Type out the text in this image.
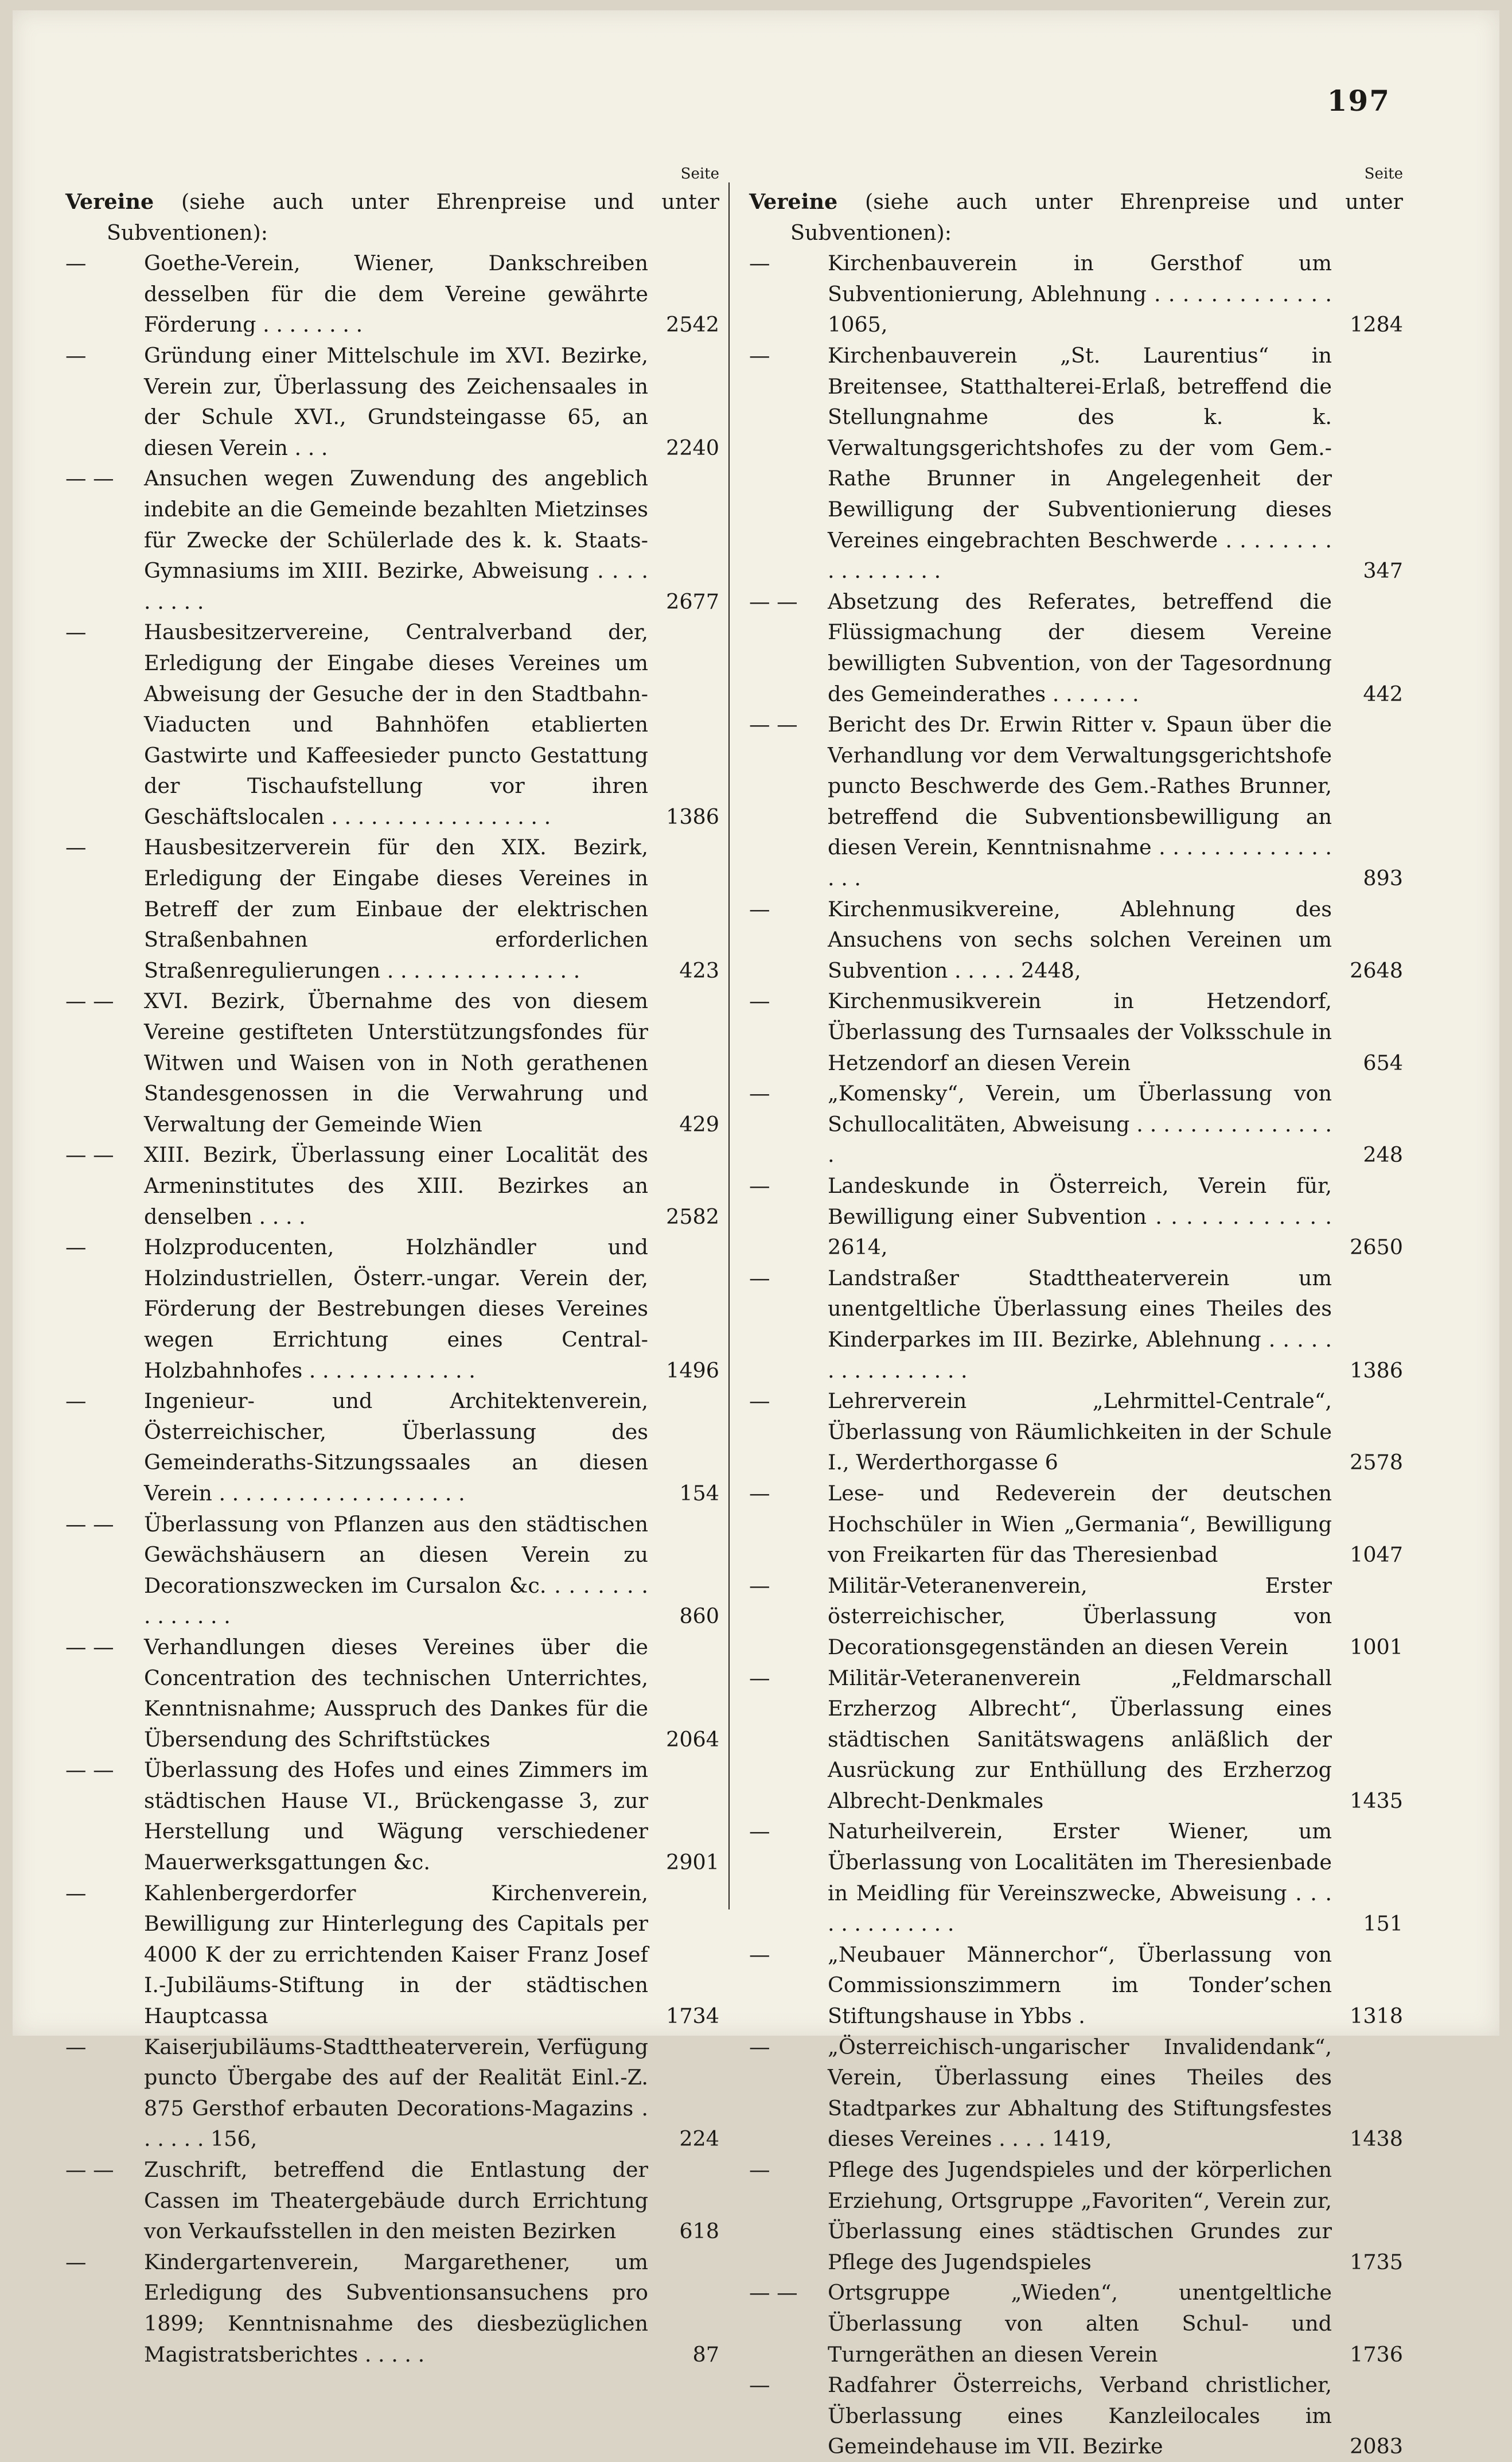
197
Seite
Vereine (siehe auch unter Ehrenpreise und unter Subventionen):
—	Goethe-Verein, Wiener, Dankschreiben desselben für die dem Vereine gewährte Förderung . . . . . . . .	2542
—	Gründung einer Mittelschule im XVI. Bezirke, Verein zur, Überlassung des Zeichensaales in der Schule XVI., Grundsteingasse 65, an diesen Verein . . .	2240
— — Ansuchen wegen Zuwendung des angeblich indebite an die Gemeinde bezahlten Mietzinses für Zwecke der Schülerlade des k. k. Staats-Gymnasiums im XIII. Bezirke, Abweisung . . . . . . . . .	2677
—	Hausbesitzervereine, Centralverband der, Erledigung der Eingabe dieses Vereines um Abweisung der Gesuche der in den Stadtbahn-Viaducten und Bahnhöfen etablierten Gastwirte und Kaffeesieder puncto Gestattung der Tischaufstellung vor ihren Geschäftslocalen . . . . . . . . . . . . . . . . .	1386
—	Hausbesitzerverein für den XIX. Bezirk, Erledigung der Eingabe dieses Vereines in Betreff der zum Einbaue der elektrischen Straßenbahnen erforderlichen Straßenregulierungen . . . . . . . . . . . . . . .	423
— — XVI. Bezirk, Übernahme des von diesem Vereine gestifteten Unterstützungsfondes für Witwen und Waisen von in Noth gerathenen Standesgenossen in die Verwahrung und Verwaltung der Gemeinde Wien	429
— — XIII. Bezirk, Überlassung einer Localität des Armeninstitutes des XIII. Bezirkes an denselben . . . .	2582
—	Holzproducenten, Holzhändler und Holzindustriellen, Österr.-ungar. Verein der, Förderung der Bestrebungen dieses Vereines wegen Errichtung eines Central-Holzbahnhofes . . . . . . . . . . . . .	1496
—	Ingenieur- und Architektenverein, Österreichischer, Überlassung des Gemeinderaths-Sitzungssaales an diesen Verein . . . . . . . . . . . . . . . . . . .	154
— — Überlassung von Pflanzen aus den städtischen Gewächshäusern an diesen Verein zu Decorationszwecken im Cursalon &c. . . . . . . . . . . . . . .	860
— — Verhandlungen dieses Vereines über die Concentration des technischen Unterrichtes, Kenntnisnahme; Ausspruch des Dankes für die Übersendung des Schriftstückes	2064
— — Überlassung des Hofes und eines Zimmers im städtischen Hause VI., Brückengasse 3, zur Herstellung und Wägung verschiedener Mauerwerksgattungen &c.	2901
—	Kahlenbergerdorfer Kirchenverein, Bewilligung zur Hinterlegung des Capitals per 4000 K der zu errichtenden Kaiser Franz Josef I.-Jubiläums-Stiftung in der städtischen Hauptcassa	1734
—	Kaiserjubiläums-Stadttheaterverein, Verfügung puncto Übergabe des auf der Realität Einl.-Z. 875 Gersthof erbauten Decorations-Magazins . . . . . . 156,	224
— — Zuschrift, betreffend die Entlastung der Cassen im Theatergebäude durch Errichtung von Verkaufsstellen in den meisten Bezirken	618
—	Kindergartenverein, Margarethener, um Erledigung des Subventionsansuchens pro 1899; Kenntnisnahme des diesbezüglichen Magistratsberichtes . . . . .	87
Seite
Vereine (siehe auch unter Ehrenpreise und unter Subventionen):
—	Kirchenbauverein in Gersthof um Subventionierung, Ablehnung . . . . . . . . . . . . . 1065,	1284
—	Kirchenbauverein „St. Laurentius“ in Breitensee, Statthalterei-Erlaß, betreffend die Stellungnahme des k. k. Verwaltungsgerichtshofes zu der vom Gem.-Rathe Brunner in Angelegenheit der Bewilligung der Subventionierung dieses Vereines eingebrachten Beschwerde . . . . . . . . . . . . . . . . .	347
— — Absetzung des Referates, betreffend die Flüssigmachung der diesem Vereine bewilligten Subvention, von der Tagesordnung des Gemeinderathes . . . . . . .	442
— — Bericht des Dr. Erwin Ritter v. Spaun über die Verhandlung vor dem Verwaltungsgerichtshofe puncto Beschwerde des Gem.-Rathes Brunner, betreffend die Subventionsbewilligung an diesen Verein, Kenntnisnahme . . . . . . . . . . . . . . . .	893
—	Kirchenmusikvereine, Ablehnung des Ansuchens von sechs solchen Vereinen um Subvention . . . . . 2448,	2648
—	Kirchenmusikverein in Hetzendorf, Überlassung des Turnsaales der Volksschule in Hetzendorf an diesen Verein	654
—	„Komensky“, Verein, um Überlassung von Schullocalitäten, Abweisung . . . . . . . . . . . . . . . .	248
—	Landeskunde in Österreich, Verein für, Bewilligung einer Subvention . . . . . . . . . . . . 2614,	2650
—	Landstraßer Stadttheaterverein um unentgeltliche Überlassung eines Theiles des Kinderparkes im III. Bezirke, Ablehnung . . . . . . . . . . . . . . . .	1386
—	Lehrerverein „Lehrmittel-Centrale“, Überlassung von Räumlichkeiten in der Schule I., Werderthorgasse 6	2578
—	Lese- und Redeverein der deutschen Hochschüler in Wien „Germania“, Bewilligung von Freikarten für das Theresienbad	1047
—	Militär-Veteranenverein, Erster österreichischer, Überlassung von Decorationsgegenständen an diesen Verein	1001
—	Militär-Veteranenverein „Feldmarschall Erzherzog Albrecht“, Überlassung eines städtischen Sanitätswagens anläßlich der Ausrückung zur Enthüllung des Erzherzog Albrecht-Denkmales	1435
—	Naturheilverein, Erster Wiener, um Überlassung von Localitäten im Theresienbade in Meidling für Vereinszwecke, Abweisung . . . . . . . . . . . . .	151
—	„Neubauer Männerchor“, Überlassung von Commissionszimmern im Tonder’schen Stiftungshause in Ybbs .	1318
—	„Österreichisch-ungarischer Invalidendank“, Verein, Überlassung eines Theiles des Stadtparkes zur Abhaltung des Stiftungsfestes dieses Vereines . . . . 1419,	1438
—	Pflege des Jugendspieles und der körperlichen Erziehung, Ortsgruppe „Favoriten“, Verein zur, Überlassung eines städtischen Grundes zur Pflege des Jugendspieles	1735
— — Ortsgruppe „Wieden“, unentgeltliche Überlassung von alten Schul- und Turngeräthen an diesen Verein	1736
—	Radfahrer Österreichs, Verband christlicher, Überlassung eines Kanzleilocales im Gemeindehause im VII. Bezirke	2083
